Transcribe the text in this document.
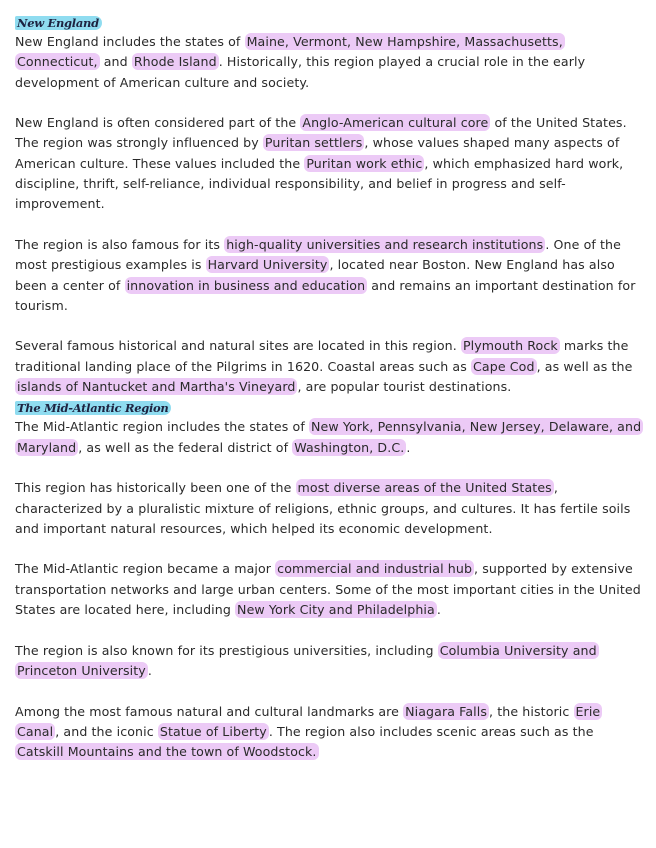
New England

New England includes the states of Maine, Vermont, New Hampshire, Massachusetts, Connecticut, and Rhode Island . Historically, this region played a crucial role in the early development of American culture and society.

New England is often considered part of the Anglo-American cultural core of the United States. The region was strongly influenced by Puritan settlers , whose values shaped many aspects of American culture. These values included the Puritan work ethic , which emphasized hard work, discipline, thrift, self-reliance, individual responsibility, and belief in progress and self-improvement.

The region is also famous for its high-quality universities and research institutions . One of the most prestigious examples is Harvard University , located near Boston. New England has also been a center of innovation in business and education and remains an important destination for tourism.

Several famous historical and natural sites are located in this region. Plymouth Rock marks the traditional landing place of the Pilgrims in 1620. Coastal areas such as Cape Cod , as well as the islands of Nantucket and Martha's Vineyard , are popular tourist destinations.

The Mid-Atlantic Region

The Mid-Atlantic region includes the states of New York, Pennsylvania, New Jersey, Delaware, and Maryland , as well as the federal district of Washington, D.C. .

This region has historically been one of the most diverse areas of the United States , characterized by a pluralistic mixture of religions, ethnic groups, and cultures. It has fertile soils and important natural resources, which helped its economic development.

The Mid-Atlantic region became a major commercial and industrial hub , supported by extensive transportation networks and large urban centers. Some of the most important cities in the United States are located here, including New York City and Philadelphia .

The region is also known for its prestigious universities, including Columbia University and Princeton University .

Among the most famous natural and cultural landmarks are Niagara Falls , the historic Erie Canal , and the iconic Statue of Liberty . The region also includes scenic areas such as the Catskill Mountains and the town of Woodstock.
